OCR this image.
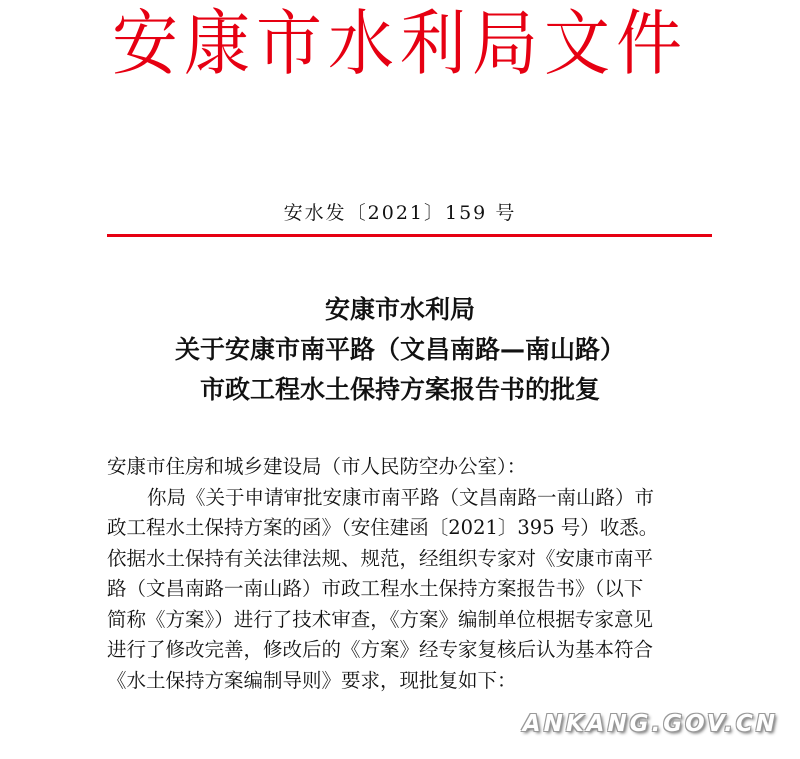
安康市水利局文件
安水发〔2021〕159 号
安康市水利局
关于安康市南平路（文昌南路—南山路）
市政工程水土保持方案报告书的批复
安康市住房和城乡建设局（市人民防空办公室）：
你局《关于申请审批安康市南平路（文昌南路一南山路）市
政工程水土保持方案的函》（安住建函〔2021〕395 号）收悉。
依据水土保持有关法律法规、规范，经组织专家对《安康市南平
路（文昌南路一南山路）市政工程水土保持方案报告书》（以下
简称《方案》）进行了技术审查，《方案》编制单位根据专家意见
进行了修改完善，修改后的《方案》经专家复核后认为基本符合
《水土保持方案编制导则》要求，现批复如下：
ANKANG.GOV.CN
